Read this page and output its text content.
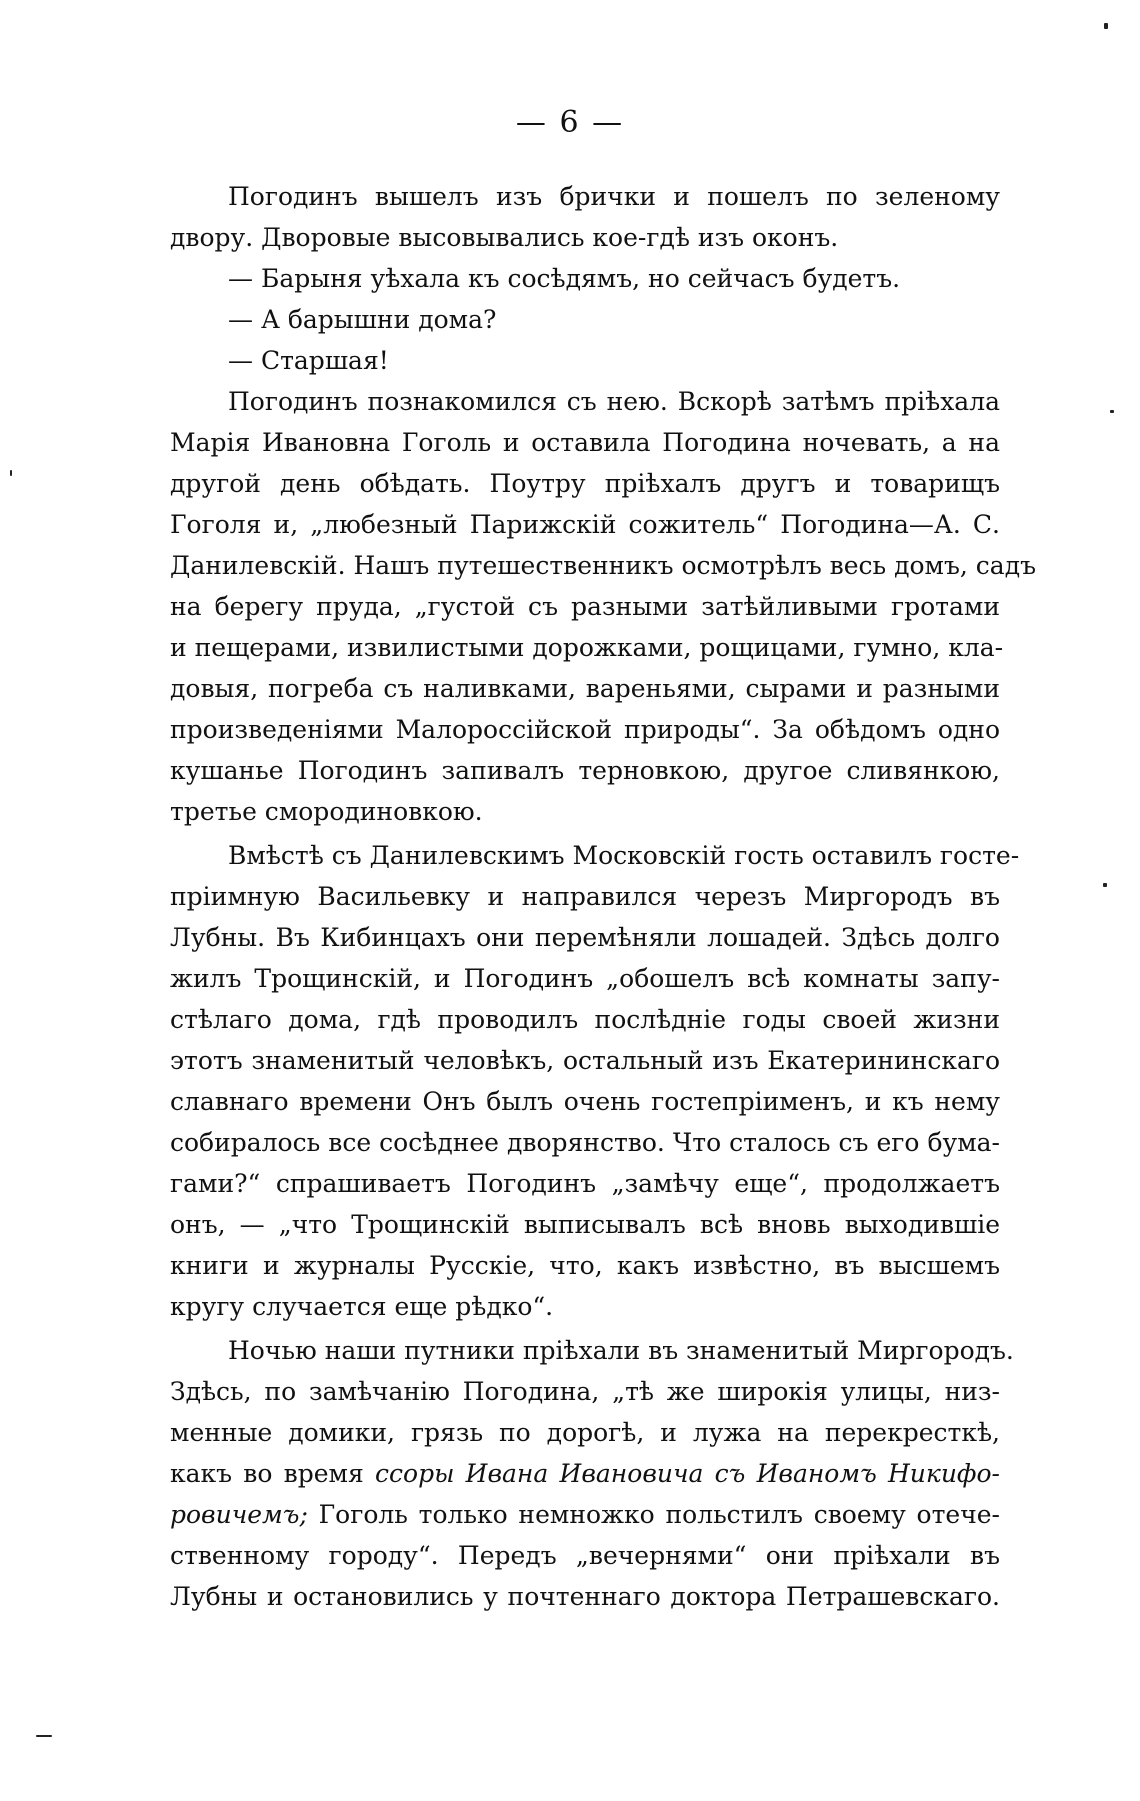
— 6 —
Погодинъ вышелъ изъ брички и пошелъ по зеленому
двору. Дворовые высовывались кое-гдѣ изъ оконъ.
— Барыня уѣхала къ сосѣдямъ, но сейчасъ будетъ.
— А барышни дома?
— Старшая!
Погодинъ познакомился съ нею. Вскорѣ затѣмъ пріѣхала
Марія Ивановна Гоголь и оставила Погодина ночевать, а на
другой день обѣдать. Поутру пріѣхалъ другъ и товарищъ
Гоголя и, „любезный Парижскій сожитель“ Погодина—А. С.
Данилевскій. Нашъ путешественникъ осмотрѣлъ весь домъ, садъ
на берегу пруда, „густой съ разными затѣйливыми гротами
и пещерами, извилистыми дорожками, рощицами, гумно, кла-
довыя, погреба съ наливками, вареньями, сырами и разными
произведеніями Малороссійской природы“. За обѣдомъ одно
кушанье Погодинъ запивалъ терновкою, другое сливянкою,
третье смородиновкою.
Вмѣстѣ съ Данилевскимъ Московскій гость оставилъ госте-
пріимную Васильевку и направился черезъ Миргородъ въ
Лубны. Въ Кибинцахъ они перемѣняли лошадей. Здѣсь долго
жилъ Трощинскій, и Погодинъ „обошелъ всѣ комнаты запу-
стѣлаго дома, гдѣ проводилъ послѣдніе годы своей жизни
этотъ знаменитый человѣкъ, остальный изъ Екатерининскаго
славнаго времени Онъ былъ очень гостепріименъ, и къ нему
собиралось все сосѣднее дворянство. Что сталось съ его бума-
гами?“ спрашиваетъ Погодинъ „замѣчу еще“, продолжаетъ
онъ, — „что Трощинскій выписывалъ всѣ вновь выходившіе
книги и журналы Русскіе, что, какъ извѣстно, въ высшемъ
кругу случается еще рѣдко“.
Ночью наши путники пріѣхали въ знаменитый Миргородъ.
Здѣсь, по замѣчанію Погодина, „тѣ же широкія улицы, низ-
менные домики, грязь по дорогѣ, и лужа на перекресткѣ,
какъ во время ссоры Ивана Ивановича съ Иваномъ Никифо-
ровичемъ; Гоголь только немножко польстилъ своему отече-
ственному городу“. Передъ „вечернями“ они пріѣхали въ
Лубны и остановились у почтеннаго доктора Петрашевскаго.
